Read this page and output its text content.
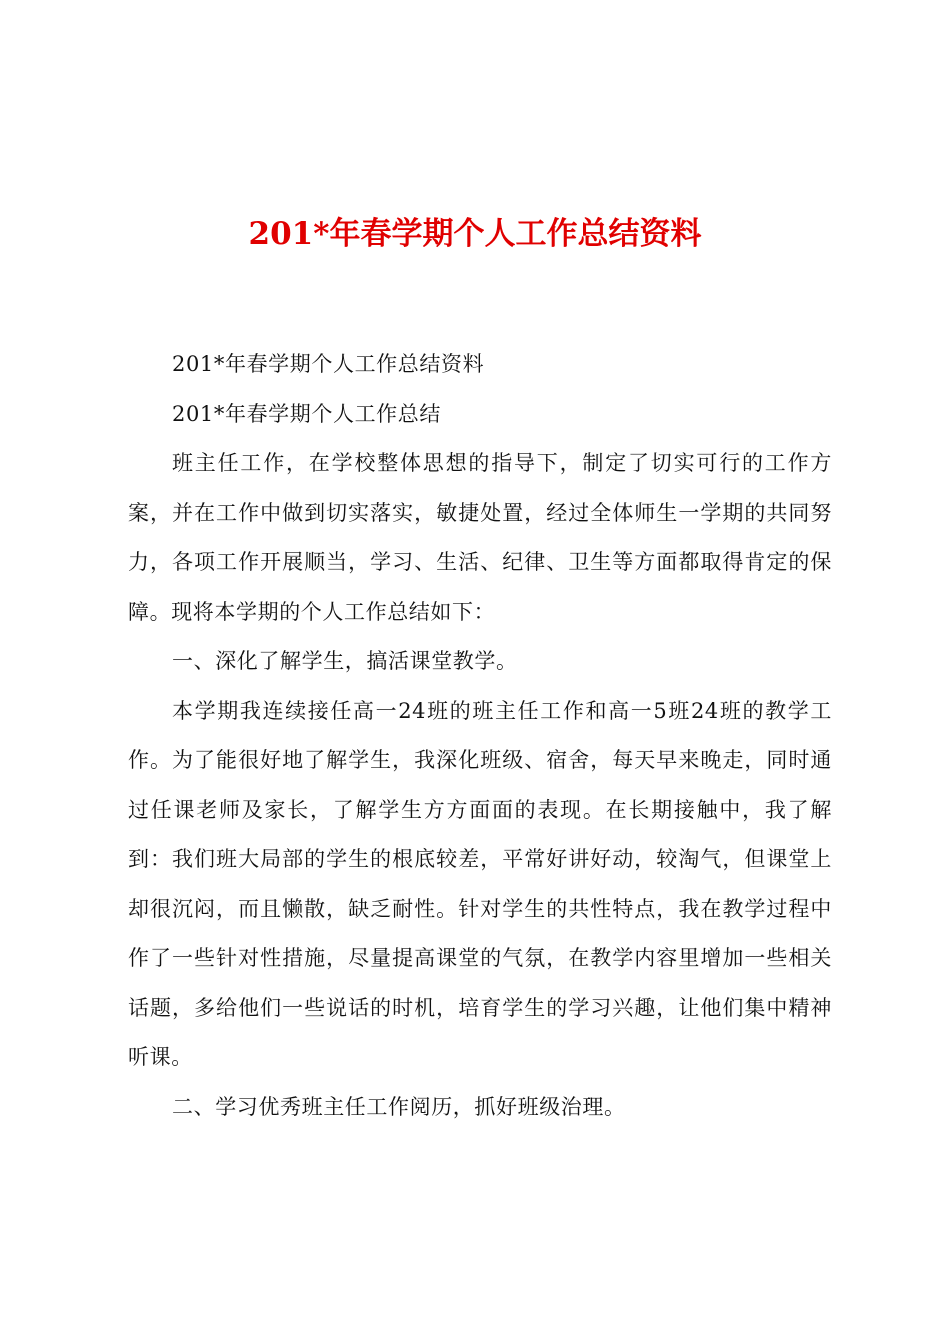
201*年春学期个人工作总结资料

201*年春学期个人工作总结资料

201*年春学期个人工作总结

班主任工作，在学校整体思想的指导下，制定了切实可行的工作方案，并在工作中做到切实落实，敏捷处置，经过全体师生一学期的共同努力，各项工作开展顺当，学习、生活、纪律、卫生等方面都取得肯定的保障。现将本学期的个人工作总结如下：

一、深化了解学生，搞活课堂教学。

本学期我连续接任高一24班的班主任工作和高一5班24班的教学工作。为了能很好地了解学生，我深化班级、宿舍，每天早来晚走，同时通过任课老师及家长，了解学生方方面面的表现。在长期接触中，我了解到：我们班大局部的学生的根底较差，平常好讲好动，较淘气，但课堂上却很沉闷，而且懒散，缺乏耐性。针对学生的共性特点，我在教学过程中作了一些针对性措施，尽量提高课堂的气氛，在教学内容里增加一些相关话题，多给他们一些说话的时机，培育学生的学习兴趣，让他们集中精神听课。

二、学习优秀班主任工作阅历，抓好班级治理。
